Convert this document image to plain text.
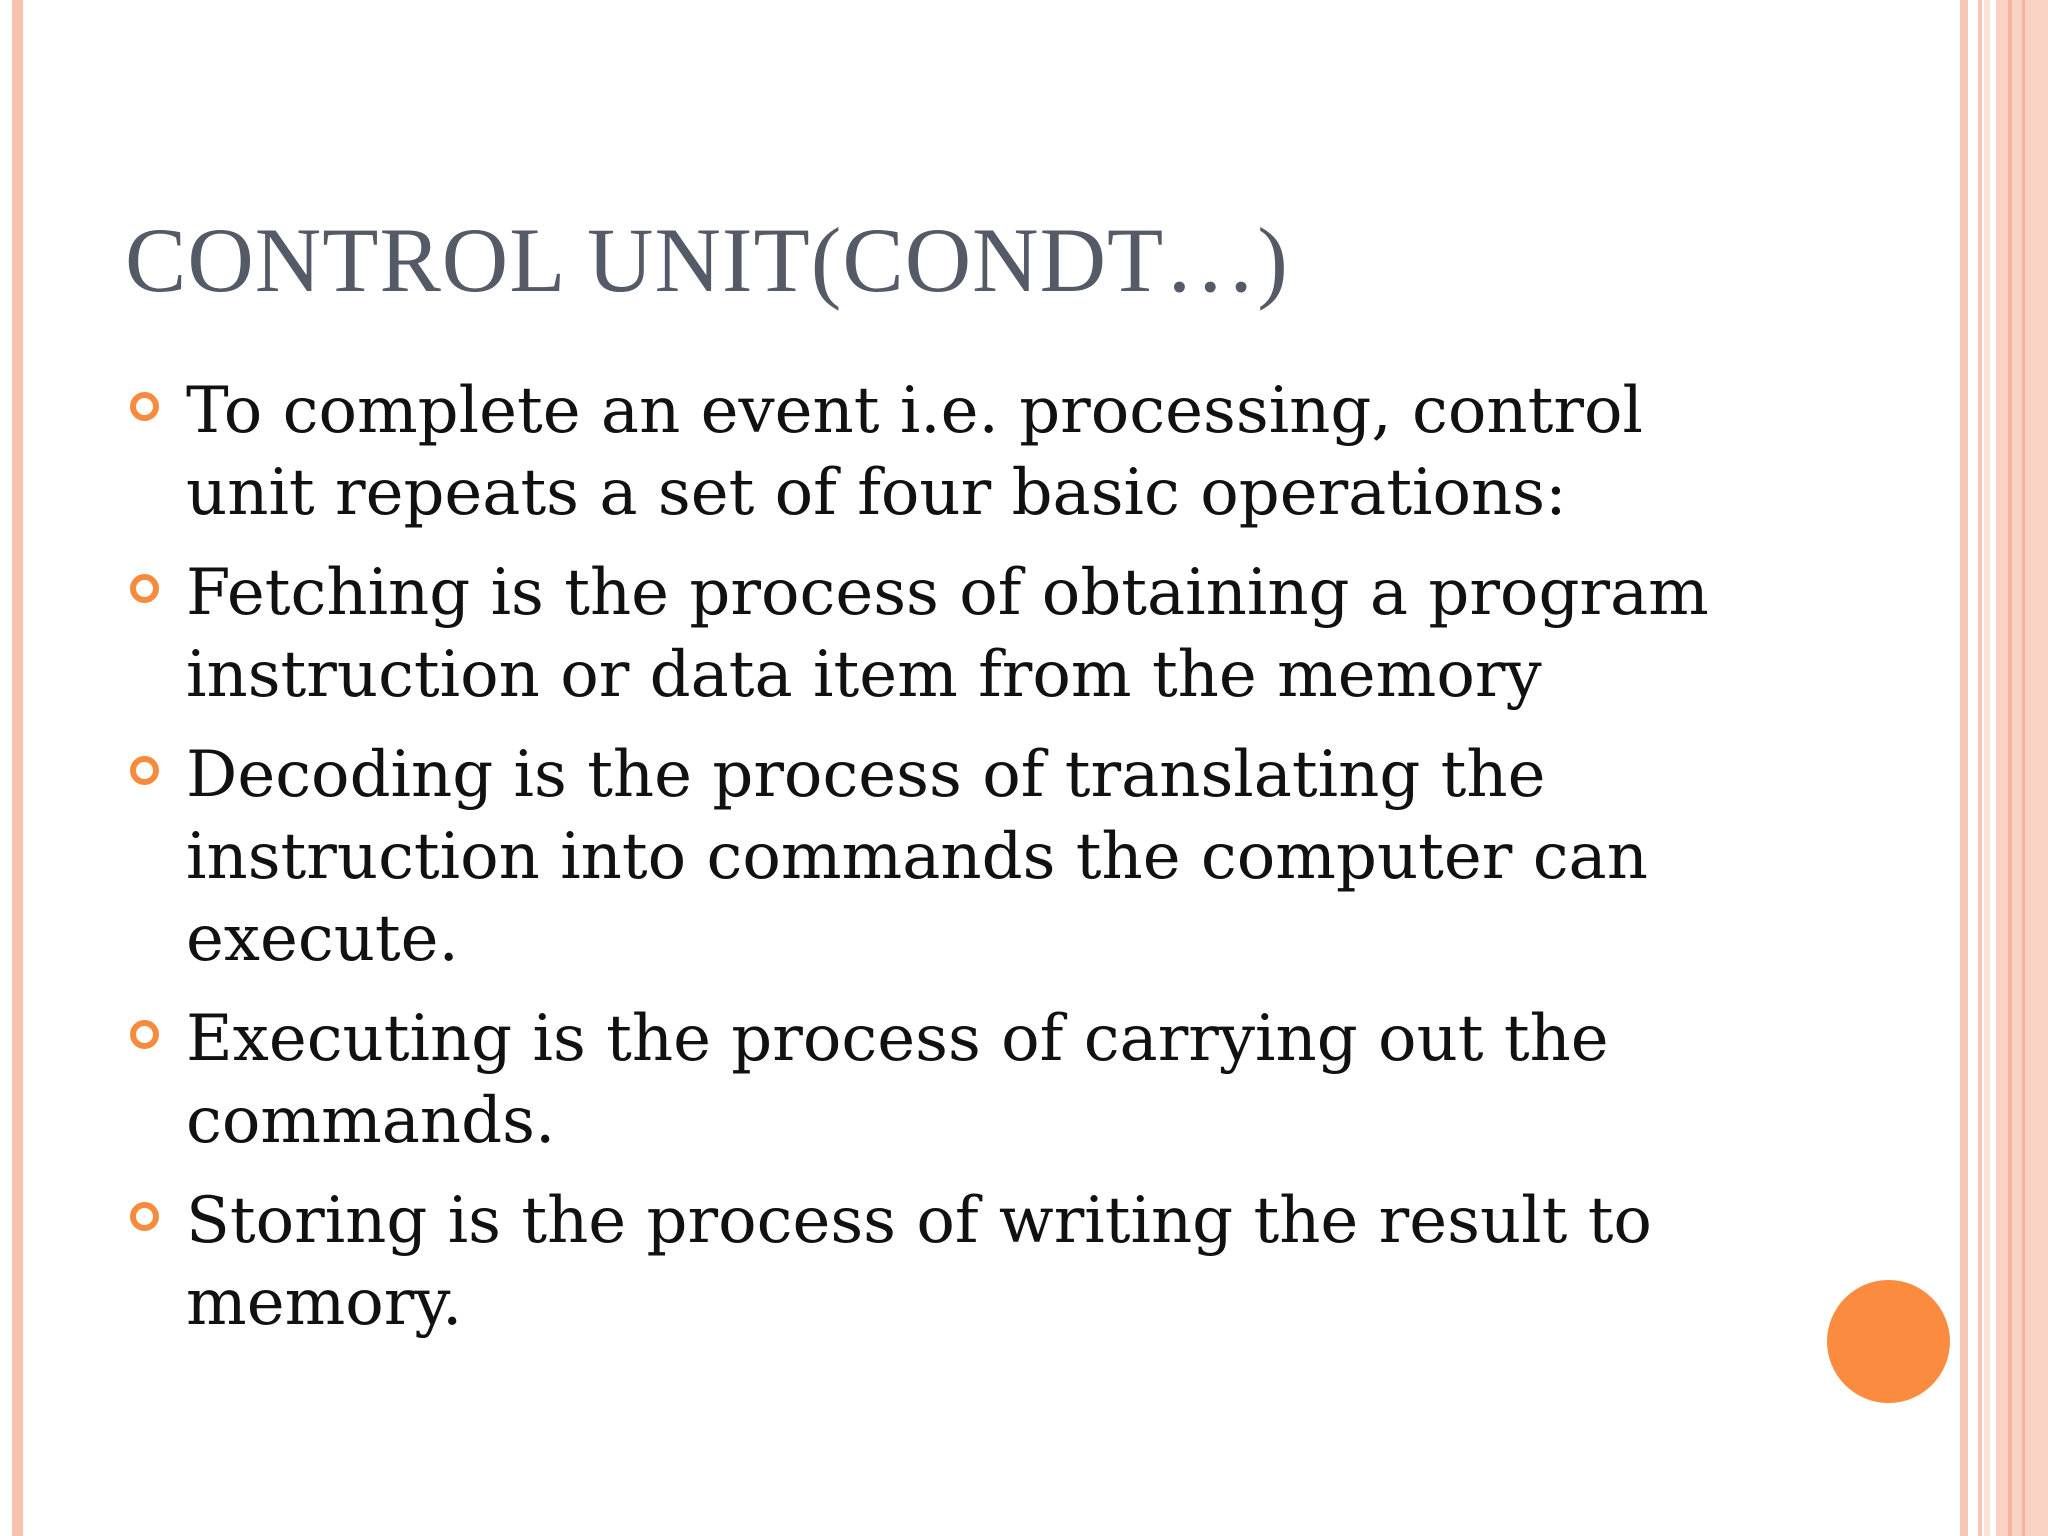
CONTROL UNIT(CONDT…)
To complete an event i.e. processing, control unit repeats a set of four basic operations:
Fetching is the process of obtaining a program instruction or data item from the memory
Decoding is the process of translating the instruction into commands the computer can execute.
Executing is the process of carrying out the commands.
Storing is the process of writing the result to memory.
